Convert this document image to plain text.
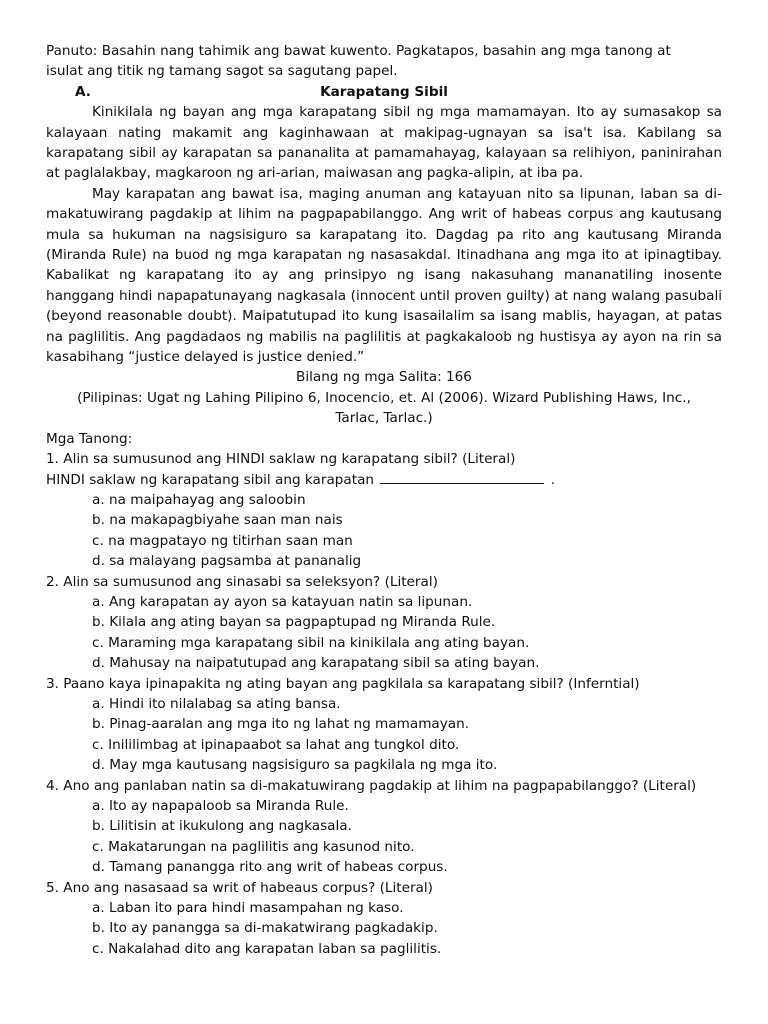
Panuto: Basahin nang tahimik ang bawat kuwento. Pagkatapos, basahin ang mga tanong at

isulat ang titik ng tamang sagot sa sagutang papel.

A.	Karapatang Sibil

Kinikilala ng bayan ang mga karapatang sibil ng mga mamamayan. Ito ay sumasakop sa kalayaan nating makamit ang kaginhawaan at makipag-ugnayan sa isa't isa. Kabilang sa karapatang sibil ay karapatan sa pananalita at pamamahayag, kalayaan sa relihiyon, paninirahan at paglalakbay, magkaroon ng ari-arian, maiwasan ang pagka-alipin, at iba pa.

May karapatan ang bawat isa, maging anuman ang katayuan nito sa lipunan, laban sa di-makatuwirang pagdakip at lihim na pagpapabilanggo. Ang writ of habeas corpus ang kautusang mula sa hukuman na nagsisiguro sa karapatang ito. Dagdag pa rito ang kautusang Miranda (Miranda Rule) na buod ng mga karapatan ng nasasakdal. Itinadhana ang mga ito at ipinagtibay. Kabalikat ng karapatang ito ay ang prinsipyo ng isang nakasuhang mananatiling inosente hanggang hindi napapatunayang nagkasala (innocent until proven guilty) at nang walang pasubali (beyond reasonable doubt). Maipatutupad ito kung isasailalim sa isang mablis, hayagan, at patas na paglilitis. Ang pagdadaos ng mabilis na paglilitis at pagkakaloob ng hustisya ay ayon na rin sa kasabihang “justice delayed is justice denied.”

Bilang ng mga Salita: 166

(Pilipinas: Ugat ng Lahing Pilipino 6, Inocencio, et. Al (2006). Wizard Publishing Haws, Inc.,

Tarlac, Tarlac.)

Mga Tanong:

1. Alin sa sumusunod ang HINDI saklaw ng karapatang sibil? (Literal)

HINDI saklaw ng karapatang sibil ang karapatan	.

a. na maipahayag ang saloobin

b. na makapagbiyahe saan man nais

c. na magpatayo ng titirhan saan man

d. sa malayang pagsamba at pananalig

2. Alin sa sumusunod ang sinasabi sa seleksyon? (Literal)

a. Ang karapatan ay ayon sa katayuan natin sa lipunan.

b. Kilala ang ating bayan sa pagpaptupad ng Miranda Rule.

c. Maraming mga karapatang sibil na kinikilala ang ating bayan.

d. Mahusay na naipatutupad ang karapatang sibil sa ating bayan.

3. Paano kaya ipinapakita ng ating bayan ang pagkilala sa karapatang sibil? (Inferntial)

a. Hindi ito nilalabag sa ating bansa.

b. Pinag-aaralan ang mga ito ng lahat ng mamamayan.

c. Inililimbag at ipinapaabot sa lahat ang tungkol dito.

d. May mga kautusang nagsisiguro sa pagkilala ng mga ito.

4. Ano ang panlaban natin sa di-makatuwirang pagdakip at lihim na pagpapabilanggo? (Literal)

a. Ito ay napapaloob sa Miranda Rule.

b. Lilitisin at ikukulong ang nagkasala.

c. Makatarungan na paglilitis ang kasunod nito.

d. Tamang panangga rito ang writ of habeas corpus.

5. Ano ang nasasaad sa writ of habeaus corpus? (Literal)

a. Laban ito para hindi masampahan ng kaso.

b. Ito ay panangga sa di-makatwirang pagkadakip.

c. Nakalahad dito ang karapatan laban sa paglilitis.
